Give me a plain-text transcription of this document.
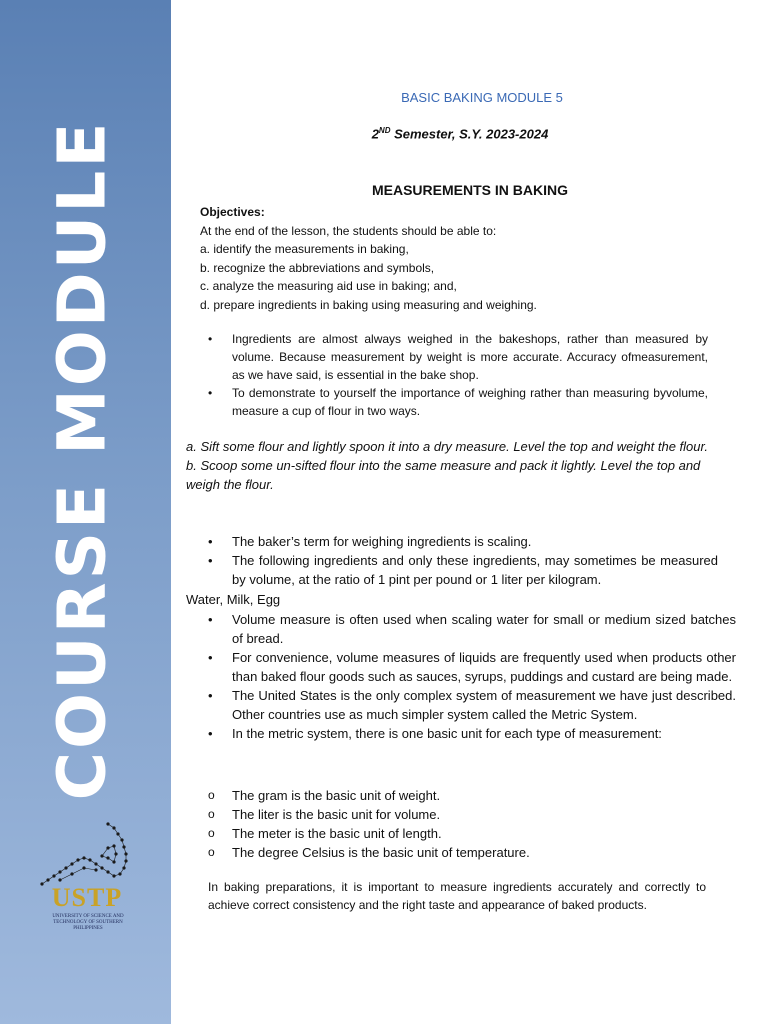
COURSE MODULE
USTP
UNIVERSITY OF SCIENCE AND TECHNOLOGY OF SOUTHERN PHILIPPINES
BASIC BAKING MODULE 5
2ND Semester, S.Y. 2023-2024
MEASUREMENTS IN BAKING
Objectives:
At the end of the lesson, the students should be able to:
a. identify the measurements in baking,
b. recognize the abbreviations and symbols,
c. analyze the measuring aid use in baking; and,
d. prepare ingredients in baking using measuring and weighing.
• Ingredients are almost always weighed in the bakeshops, rather than measured by volume. Because measurement by weight is more accurate. Accuracy ofmeasurement, as we have said, is essential in the bake shop.
• To demonstrate to yourself the importance of weighing rather than measuring byvolume, measure a cup of flour in two ways.
a. Sift some flour and lightly spoon it into a dry measure. Level the top and weight the flour.
b. Scoop some un-sifted flour into the same measure and pack it lightly. Level the top and weigh the flour.
• The baker’s term for weighing ingredients is scaling.
• The following ingredients and only these ingredients, may sometimes be measured by volume, at the ratio of 1 pint per pound or 1 liter per kilogram.
Water, Milk, Egg
• Volume measure is often used when scaling water for small or medium sized batches of bread.
• For convenience, volume measures of liquids are frequently used when products other than baked flour goods such as sauces, syrups, puddings and custard are being made.
• The United States is the only complex system of measurement we have just described. Other countries use as much simpler system called the Metric System.
• In the metric system, there is one basic unit for each type of measurement:
o The gram is the basic unit of weight.
o The liter is the basic unit for volume.
o The meter is the basic unit of length.
o The degree Celsius is the basic unit of temperature.
In baking preparations, it is important to measure ingredients accurately and correctly to achieve correct consistency and the right taste and appearance of baked products.
